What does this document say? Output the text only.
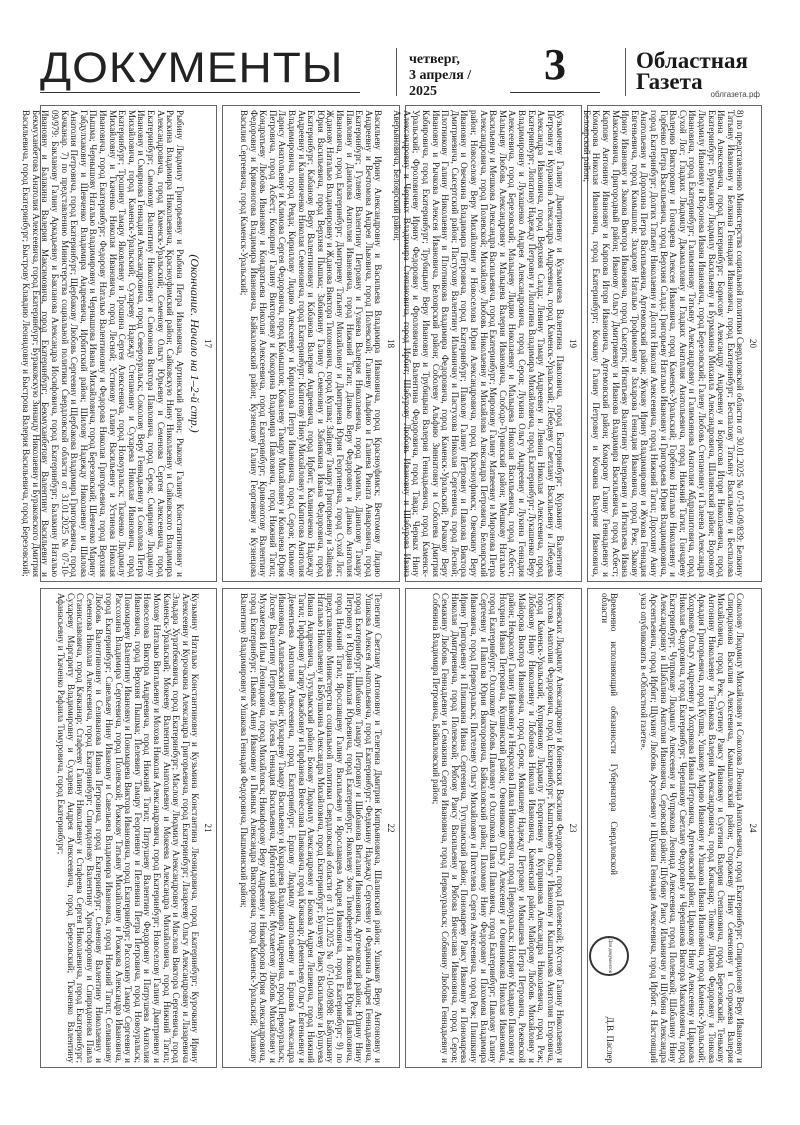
ДОКУМЕНТЫ	четверг,
3 апреля / 2025
3	Областная
Газета
облгазета.рф
17
(Окончание. Начало на 1–2-й стр.)

Рыбину Людмилу Григорьевну и Рыбина Петра Ивановича, Артинский район; Рыкову Галину Константиновну и Рыскина Владимира Николаевича, Красноуфимский район; Сайковскую Нину Николаевну и Сайковского Владимира Александровича, город Каменск-Уральский; Семенову Ольгу Юрьевну и Семенова Сергея Алексеевича, город Екатеринбург; Симонову Валентину Николаевну и Симонова Виктора Павловича, город Серов; Смирнову Людмилу Ивановну и Смирнова Геннадия Александровича, город Североуральск; Соколову Веру Геннадьевну и Соколова Петра Михайловича, город Каменск-Уральский; Сухареву Надежду Степановну и Сухарева Николая Ивановича, город Екатеринбург; Трошину Тамару Яковлевну и Трошина Сергея Алексеевича, город Новоуральск; Ткаченко Людмилу Михайловну и Ткаченко Николая Ивановича, город Лесной; Устинову Галину Васильевну и Устинова Николая Ивановича, город Екатеринбург; Федорову Наталью Валентиновну и Федорова Николая Григорьевича, город Верхняя Пышма; Чернышову Наталью Владимировну и Чернышова Ивана Михайловича, город Березовский; Шевченко Марину Габдулхаковну и Шевченко Владимира Андреевича, Ирбитский район; Шилову Надежду Николаевну и Шилова Анатолия Петровича, город Екатеринбург; Щербакову Любовь Сергеевну и Щербакова Владимира Григорьевича, город Качканар. 7) по представлению Министерства социальной политики Свердловской области от 31.01.2025 № 07-10-09/979: Бакланову Галину Аркадьевну и Бакланова Александра Иосифовича, город Екатеринбург; Балакину Наталью Ивановну и Балакина Валерия Максимовича, город Екатеринбург; Бекмуханбетову Валентину Васильевну и Бекмуханбетова Анатолия Алексеевича, город Екатеринбург; Бураковскую Зинаиду Николаевну и Бураковского Дмитрия Васильевича, город Екатеринбург; Быстрову Клавдию Леонидовну и Быстрова Валерия Васильевича, город Березовский;	18

Васильеву Ирину Александровну и Васильева Владимира Ивановича, город Красноуфимск; Вечтомову Лидию Андреевну и Вечтомова Андрея Львовича, город Полевской; Галиеву Альфию и Галиева Рината Анваровича, город Екатеринбург; Гуляеву Валентину Петровну и Гуляева Валерия Николаевича, город Арамиль; Данилову Тамару Павловну и Данилова Анатолия Ивановича, город Нижний Тагил; Данько Веру Федоровну и Данько Анатолия Ивановича, город Екатеринбург; Дмитриеву Татьяну Михайловну и Дмитриева Юрия Георгиевича, город Сухой Лог; Жданову Наталью Владимировну и Жданова Виктора Тихоновича, город Кушва; Зайцеву Тамару Григорьевну и Зайцева Юрия Васильевича, город Верхняя Пышма; Забиякину Галину Семеновну и Забиякина Ивана Федоровича, город Екатеринбург; Кабанову Веру Валентиновну и Кабанова Валерия Андреевича, город Ирбит; Калиниченко Надежду Андреевну и Калиниченко Николая Семеновича, город Екатеринбург; Капитову Нину Михайловну и Капитова Анатолия Владимировича, город Ревда; Кириллову Лидию Алексеевну и Кириллова Петра Ивановича, город Серов; Климову Ларису Анатольевну и Климова Сергея Федоровича, город Камышлов; Ковалеву Тамару Михайловну и Ковалева Юрия Петровича, город Асбест; Кокорину Галину Викторовну и Кокорина Владимира Павловича, город Нижний Тагил; Кондратьеву Любовь Ивановну и Кондратьева Николая Алексеевича, город Екатеринбург; Кривоногову Валентину Федоровну и Кривоногова Владимира Ивановича, Байкаловский район; Кузнецову Галину Георгиевну и Кузнецова Василия Сергеевича, город Каменск-Уральский;

19

Кузьмичеву Галину Дмитриевну и Кузьмичева Валентина Павловича, город Екатеринбург; Куракину Валентину Петровну и Куракина Александра Андреевича, город Каменск-Уральский; Лебедеву Светлану Васильевну и Лебедева Александра Ивановича, город Верхняя Салда; Левину Тамару Андреевну и Левина Николая Алексеевича, город Екатеринбург; Лопатину Надежду Петровну и Лопатина Владимира Михайловича, город Екатеринбург; Лукашенко Веру Владимировну и Лукашенко Андрея Александровича, город Серов; Лукина Ольгу Андреевну и Лукина Геннадия Алексеевича, город Березовский; Мальцеву Лидию Николаевну и Мальцева Николая Васильевича, город Асбест; Мальцеву Любовь Александровну и Мальцева Валерия Ивановича, Слободо-Туринский район; Мешкову Наталью Васильевну и Мешкова Александра Васильевича, город Екатеринбург; Миронову Галину Матвеевну и Миронова Петра Александровича, город Полевской; Михайлову Любовь Николаевну и Михайлова Александра Петровича, Белоярский район; Новоселову Веру Михайловну и Новоселова Юрия Александровича, город Красноуфимск; Овечкину Веру Ивановну и Овечкина Владимира Петровича, город Екатеринбург; Павлову Галину Петровну и Павлова Виктора Дмитриевича, Сысертский район; Пастухову Валентину Ильиничну и Пастухова Николая Сергеевича, город Лесной; Плотникову Галину Николаевну и Плотникова Владимира Федоровича, город Каменск-Уральский; Рычкову Веру Ивановну и Рычкова Алексея Ивановича, Белоярский район; Соболеву Альфию Зиннатовну и Соболева Дмитрия Кабировича, город Екатеринбург; Трубицыну Веру Ивановну и Трубицына Валерия Геннадьевича, город Каменск-Уральский; Фроловичеву Ирину Федоровну и Фроловичева Валентина Федоровича, город Тавда; Черных Нину Александровну и Черных Владимира Степановича, город Ирбит; Шабурову Любовь Ивановну и Шабурова Ивана Аверьяновича, Белоярский район;

20

8) по представлению Министерства социальной политики Свердловской области от 30.01.2025 № 07-10-09/839: Белкину Татьяну Ивановну и Белкина Геннадия Ивановича, город Екатеринбург; Беспалову Татьяну Васильевну и Беспалова Ивана Алексеевича, город Екатеринбург; Борисову Александру Андреевну и Борисова Игоря Николаевича, город Екатеринбург; Бурмакину Людмилу Васильевну и Бурмакина Михаила Александровича, Шалинский район; Воронову Людмилу Ивановну и Воронова Ивана Ивановича, город Березовский; Галеву Любовь Степановну и Галеева Александра Ивановича, город Екатеринбург; Галимзянову Татьяну Александровну и Галимзянова Анатолия Абдрашитовича, город Сухой Лог; Гладких Людмилу Джамалловну и Гладких Анатолия Анатольевича, город Нижний Тагил; Гончареву Валерию Викторовну и Гончарева Алексея Ивановича, город Каменск-Уральский; Горбенко Наталью Николаевну и Горбенко Петра Васильевича, город Верхняя Салда; Григорьеву Наталью Ивановну и Григорьева Юрия Владимировича, город Екатеринбург; Долгих Татьяну Николаевну и Долгих Николая Алексеевича, город Нижний Тагил; Дорохину Анну Анатольевну и Дорохина Петра Васильевича, Артемовский район; Жукову Ирину Владимировну и Жукова Геннадия Евгеньевича, город Камышлов; Захарову Наталью Трофимовну и Захарова Геннадия Ивановича, город Реж; Зыкову Ирину Ивановну и Зыкова Виктора Ивановича, город Сысерть; Игнатьеву Валентину Валерьевну и Игнатьева Ивана Максимовича, Пригородный район; Иванову Ольгу Дмитриевну и Иванова Владимира Васильевича, город Асбест; Карпову Антонину Ивановну и Карпова Игоря Ивановича, Артемовский район; Комарову Галину Геннадьевну и Комарова Николая Ивановича, город Екатеринбург; Кочкину Галину Петровну и Кочкина Валерия Ивановича, Белоярский район;

21

Кузьмину Наталью Константиновну и Кузьмина Константина Леонидовича, город Екатеринбург; Курочкину Ирину Алексеевну и Курочкина Александра Григорьевича, город Екатеринбург; Лазарееву Ольгу Александровну и Лазаревича Эльдара Хуратбековича, город Екатеринбург; Маслову Людмилу Александровну и Маслова Виктора Сергеевича, город Каменск-Уральский; Мокееву Валентину Анатольевну и Мокеева Александра Михайловича, город Нижний Тагил; Мохову Наталью Витальевну и Мохова Николая Александровича, город Екатеринбург; Новоселову Галину Дмитриевну и Новоселова Виктора Андреевича, город Нижний Тагил; Патрушеву Валентину Федоровну и Патрушева Анатолия Ивановича, город Верхняя Пышма; Пелевину Тамару Георгиевну и Пелевина Петра Петровича, город Новоуральск; Пономареву Валентину Ивановну и Пономарева Виктора Ивановича, город Екатеринбург; Рассохину Тамару Сергеевну и Рассохина Владимира Сергеевича, город Полевской; Рожкову Татьяну Михайловну и Рожкова Александра Ивановича, город Екатеринбург; Савельеву Нину Ивановну и Савельева Владимира Ивановича, город Нижний Тагил; Селиванову Любовь Валентиновну и Селиванова Ивана Петровича, город Екатеринбург; Семенову Валентину Николаевну и Семенова Николая Алексеевича, город Екатеринбург; Спиридонову Валентину Христофоровну и Спиридонова Павла Станиславовича, город Качканар; Стафееву Галину Николаевну и Стафеева Сергея Николаевича, город Екатеринбург; Сухареву Маргариту Владимировну и Сухарева Андрея Алексеевича, город Березовский; Ткаченко Валентину Афанасьевну и Ткаченко Рафаила Тимуровича, город Екатеринбург;	22

Телегину Светлану Антоновну и Телегина Дмитрия Кипрьяновича, Шалинский район; Ушакову Веру Антоновну и Ушакова Алексея Анатольевича, город Екатеринбург; Федякину Надежду Сергеевну и Федякина Андрея Геннадьевича, город Екатеринбург; Шибанову Тамару Петровну и Шибанова Виталия Ивановича, Артемовский район; Юдину Нину Петровну и Юдина Николая Юрьевича, город Екатеринбург; Яковлеву Зою Тимофеевну и Яковлева Юрия Павловича, город Нижний Тагил; Ярославцеву Галину Васильевну и Ярославцева Андрея Ивановича, город Екатеринбург; 9) по представлению Министерства социальной политики Свердловской области от 31.01.2025 № 07-10-09/898: Бабушкину Наталью Николаевну и Бабушкина Александра Михайловича, город Екатеринбург; Бушуеву Раису Васильевну и Бушуева Ивана Андреевича, Тугулымский район; Бокову Людмилу Александровну и Бокова Андрея Лешевича, город Нижний Тагил; Гирфанову Тагиру Ражабовну и Гирфанова Вячеслава Паяковича, город Качканар; Дементьеву Ольгу Евгеньевну и Дементьева Анатолия Алексеевича, город Екатеринбург; Ершову Людмилу Анатольевну и Ершова Александра Ивановича, Алапаевский район; Кукарцеву Тамару Васильевну и Кукарцева Владимира Андреевича, город Первоуральск; Лосеву Валентину Петровну и Лосева Геннадия Васильевича, Ирбитский район; Мухаметову Любовь Михайловну и Мухаметова Ильи Леонидовича, город Михайловск; Никифорову Веру Андреевну и Никифорова Юрия Александровича, город Екатеринбург; Пьяных Анну Ивановну и Пьяных Александра Викторовича, город Каменск-Уральский; Ушакову Валентину Владимировну и Ушакова Геннадия Федоровича, Пышминский район;	23

Коневских Людмилу Александровну и Коневских Василия Федоровича, город Полевской; Кустову Галину Николаевну и Кустова Анатолия Федоровича, город Екатеринбург; Кыштымову Ольгу Ивановну и Кыштымова Анатолия Егоровича, город Каменск-Уральский; Куприянову Людмилу Георгиевну и Куприянова Александра Николаевича, город Реж; Лобанову Нину Николаевну и Лобанова Николая Ивановича, Каменский район; Майорову Любовь Михайловну и Майорова Виктора Ивановича, город Серов; Мякишеву Надежду Петровну и Мякишева Петра Петровича, Режевской район; Некрасову Галину Ивановну и Некрасова Павла Николаевича, город Первоуральск; Нохрину Клавдию Павловну и Нохрина Ивана Петровича, Кушвинский район; Овчинникову Ольгу Алексеевну и Овчинникова Николая Ивановича, город Екатеринбург; Охлопкову Любовь Павловну и Охлопкова Павла Павловича, город Екатеринбург; Павлову Галину Сергеевну и Павлова Юрия Викторовича, Байкаловский район; Пахомову Нину Федоровну и Пахомова Владимира Ивановича, город Первоуральск; Пихтелеву Ольгу Михайловну и Пихтелева Сергея Алексеевича, город Реж; Плишкину Ирину Григорьевну и Плишкина Ивана Сергеевича, Тугулымский район; Пономареву Раису Ивановну и Пономарева Николая Дмитриевича, город Полевской; Рябову Раису Васильевну и Рябова Вячеслава Ивановича, город Серов; Семакину Любовь Геннадьевну и Семакина Сергея Ивановича, город Первоуральск; Собянину Любовь Геннадьевну и Собянина Владимира Петровича, Байкаловский район;

24

Соколову Людмилу Михайловну и Соколова Леонида Анатольевича, город Екатеринбург; Спиридонову Веру Ивановну и Спиридонова Василия Алексеевича, Камышловский район; Сторожеву Нину Семеновну и Сторожева Валерия Михайловича, город Реж; Суетину Раису Ивановну и Суетина Валерия Степановича, город Березовский; Тенькову Антонину Николаевну и Тенькова Валерия Александровича, город Качканар; Тонкову Лидию Федоровну и Тонкова Аркадия Григорьевича, город Кушва; Ушакову Марию Ивановну и Ушакова Ивана Ивановича, город Каменск-Уральский; Хохрякову Ольгу Андреевну и Хохрякова Ивана Петровича, Артемовский район; Царькову Нину Алексеевну и Царькова Николая Федоровича, город Екатеринбург; Черепанову Светлану Федоровну и Черепанова Виктора Максимовича, город Екатеринбург; Чупрякову Людмилу Алексеевну и Чупрякова Леонида Алексеевича, город Полевской; Шабалину Нину Александровну и Шабалина Анатолия Ивановича, Серовский район; Шубину Раису Ильиничну и Шубина Александра Арсентьевича, город Ирбит; Щукину Любовь Арсеньевну и Щукина Геннадия Алексеевича, город Ирбит. 4. Настоящий указ опубликовать в «Областной газете».

Временно исполняющий обязанности Губернатора Свердловской области
Для документов
Д.В. Паслер
